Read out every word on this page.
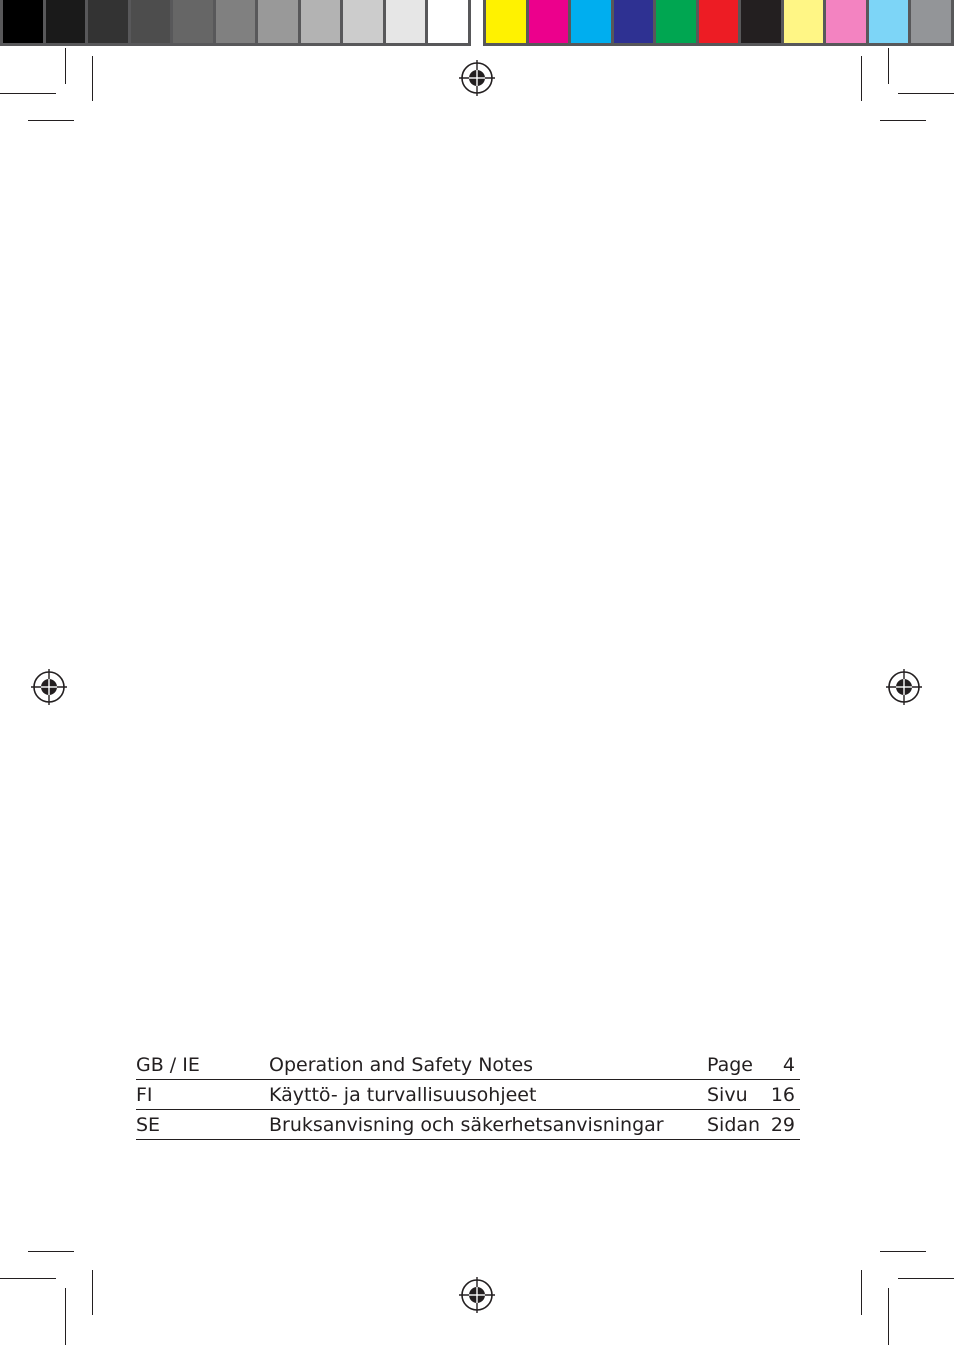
GB / IE	Operation and Safety Notes	Page 4
FI	Käyttö- ja turvallisuusohjeet	Sivu 16
SE	Bruksanvisning och säkerhetsanvisningar Sidan 29
